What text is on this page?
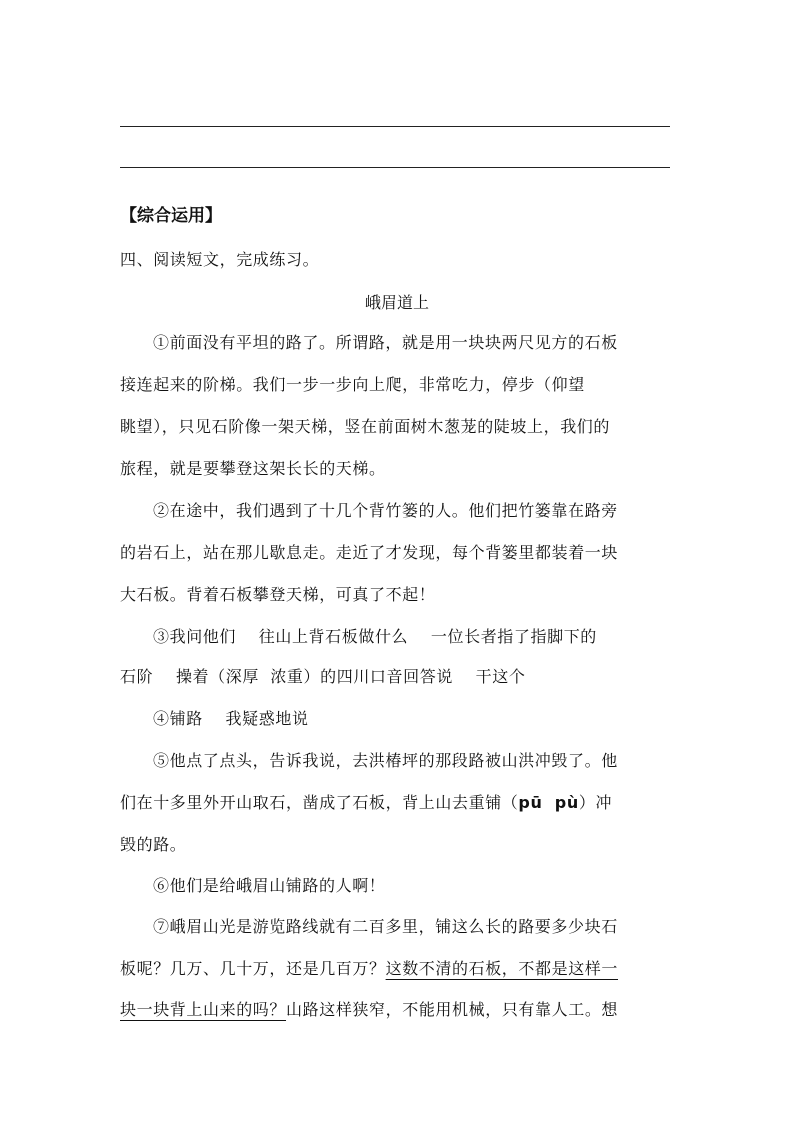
【综合运用】
四、阅读短文，完成练习。
峨眉道上
①前面没有平坦的路了。所谓路，就是用一块块两尺见方的石板
接连起来的阶梯。我们一步一步向上爬，非常吃力，停步（仰望
眺望），只见石阶像一架天梯，竖在前面树木葱茏的陡坡上，我们的
旅程，就是要攀登这架长长的天梯。
②在途中，我们遇到了十几个背竹篓的人。他们把竹篓靠在路旁
的岩石上，站在那儿歇息走。走近了才发现，每个背篓里都装着一块
大石板。背着石板攀登天梯，可真了不起！
③我问他们    往山上背石板做什么    一位长者指了指脚下的
石阶    操着（深厚  浓重）的四川口音回答说    干这个
④铺路    我疑惑地说
⑤他点了点头，告诉我说，去洪椿坪的那段路被山洪冲毁了。他
们在十多里外开山取石，凿成了石板，背上山去重铺（pū  pù）冲
毁的路。
⑥他们是给峨眉山铺路的人啊！
⑦峨眉山光是游览路线就有二百多里，铺这么长的路要多少块石
板呢？几万、几十万，还是几百万？这数不清的石板，不都是这样一
块一块背上山来的吗？山路这样狭窄，不能用机械，只有靠人工。想
